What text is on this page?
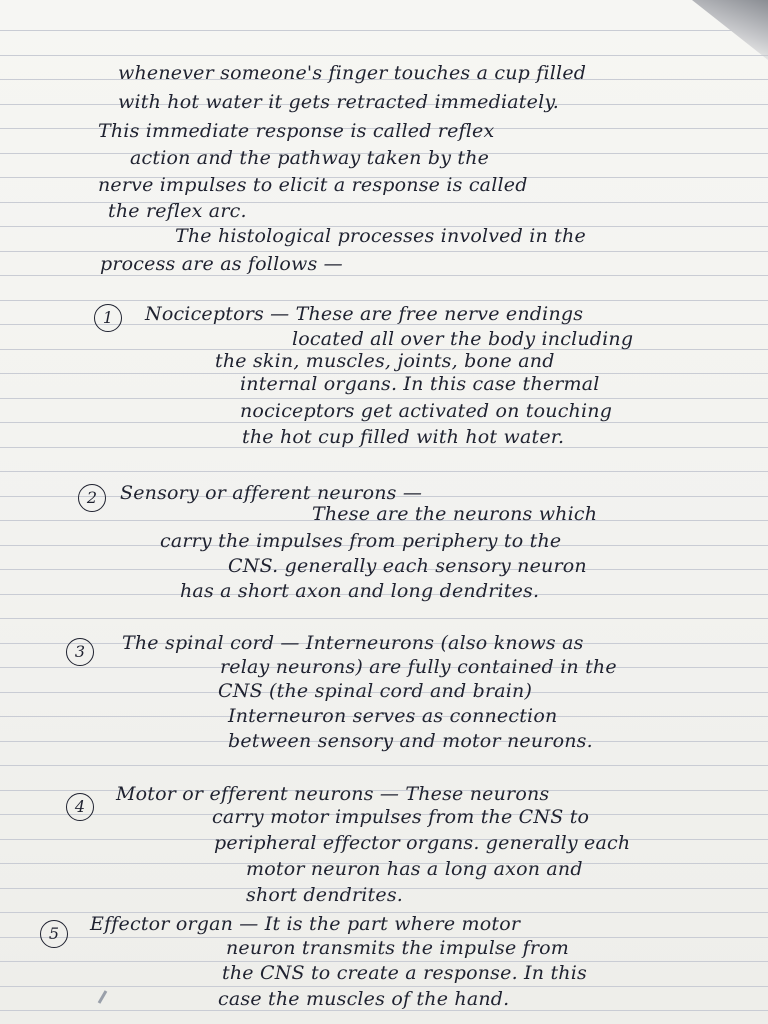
whenever someone's finger touches a cup filled
with hot water it gets retracted immediately.
This immediate response is called reflex
action and the pathway taken by the
nerve impulses to elicit a response is called
the reflex arc.
The histological processes involved in the
process are as follows —
1	Nociceptors — These are free nerve endings
located all over the body including
the skin, muscles, joints, bone and
internal organs. In this case thermal
nociceptors get activated on touching
the hot cup filled with hot water.
2	Sensory or afferent neurons —
These are the neurons which
carry the impulses from periphery to the
CNS. generally each sensory neuron
has a short axon and long dendrites.
3	The spinal cord — Interneurons (also knows as
relay neurons) are fully contained in the
CNS (the spinal cord and brain)
Interneuron serves as connection
between sensory and motor neurons.
4
Motor or efferent neurons — These neurons
carry motor impulses from the CNS to
peripheral effector organs. generally each
motor neuron has a long axon and
short dendrites.
5	Effector organ — It is the part where motor
neuron transmits the impulse from
the CNS to create a response. In this
case the muscles of the hand.
